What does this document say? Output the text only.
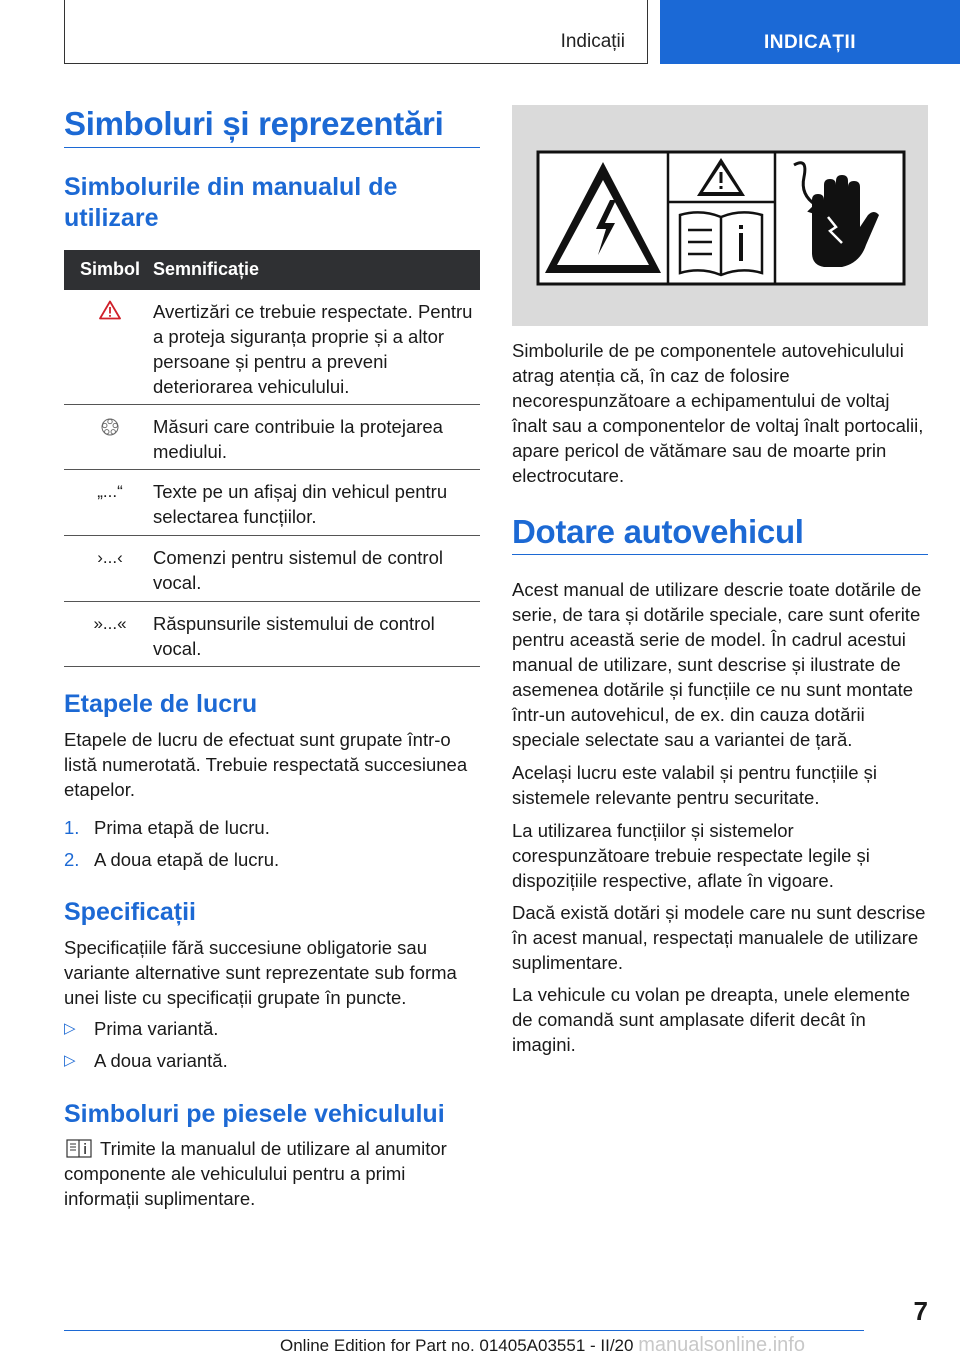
Indicații	INDICAȚII
Simboluri și reprezentări
Simbolurile din manualul de utilizare
Simbol Semnificație
Avertizări ce trebuie respectate. Pentru a proteja siguranța proprie și a altor persoane și pentru a preveni deteriorarea vehiculului.
Măsuri care contribuie la protejarea mediului.
„...“	Texte pe un afișaj din vehicul pentru selectarea funcțiilor.
›...‹	Comenzi pentru sistemul de control vocal.
»...«	Răspunsurile sistemului de control vocal.
Etapele de lucru
Etapele de lucru de efectuat sunt grupate într-o listă numerotată. Trebuie respectată succesiunea etapelor.
1. Prima etapă de lucru.
2. A doua etapă de lucru.
Specificații
Specificațiile fără succesiune obligatorie sau variante alternative sunt reprezentate sub forma unei liste cu specificații grupate în puncte.
▷ Prima variantă.
▷ A doua variantă.
Simboluri pe piesele vehiculului
Trimite la manualul de utilizare al anumitor componente ale vehiculului pentru a primi informații suplimentare.
Simbolurile de pe componentele autovehiculului atrag atenția că, în caz de folosire necorespunzătoare a echipamentului de voltaj înalt sau a componentelor de voltaj înalt portocalii, apare pericol de vătămare sau de moarte prin electrocutare.
Dotare autovehicul
Acest manual de utilizare descrie toate dotările de serie, de tara și dotările speciale, care sunt oferite pentru această serie de model. În cadrul acestui manual de utilizare, sunt descrise și ilustrate de asemenea dotările și funcțiile ce nu sunt montate într-un autovehicul, de ex. din cauza dotării speciale selectate sau a variantei de țară.
Același lucru este valabil și pentru funcțiile și sistemele relevante pentru securitate.
La utilizarea funcțiilor și sistemelor corespunzătoare trebuie respectate legile și dispozițiile respective, aflate în vigoare.
Dacă există dotări și modele care nu sunt descrise în acest manual, respectați manualele de utilizare suplimentare.
La vehicule cu volan pe dreapta, unele elemente de comandă sunt amplasate diferit decât în imagini.
7
Online Edition for Part no. 01405A03551 - II/20 manualsonline.info
